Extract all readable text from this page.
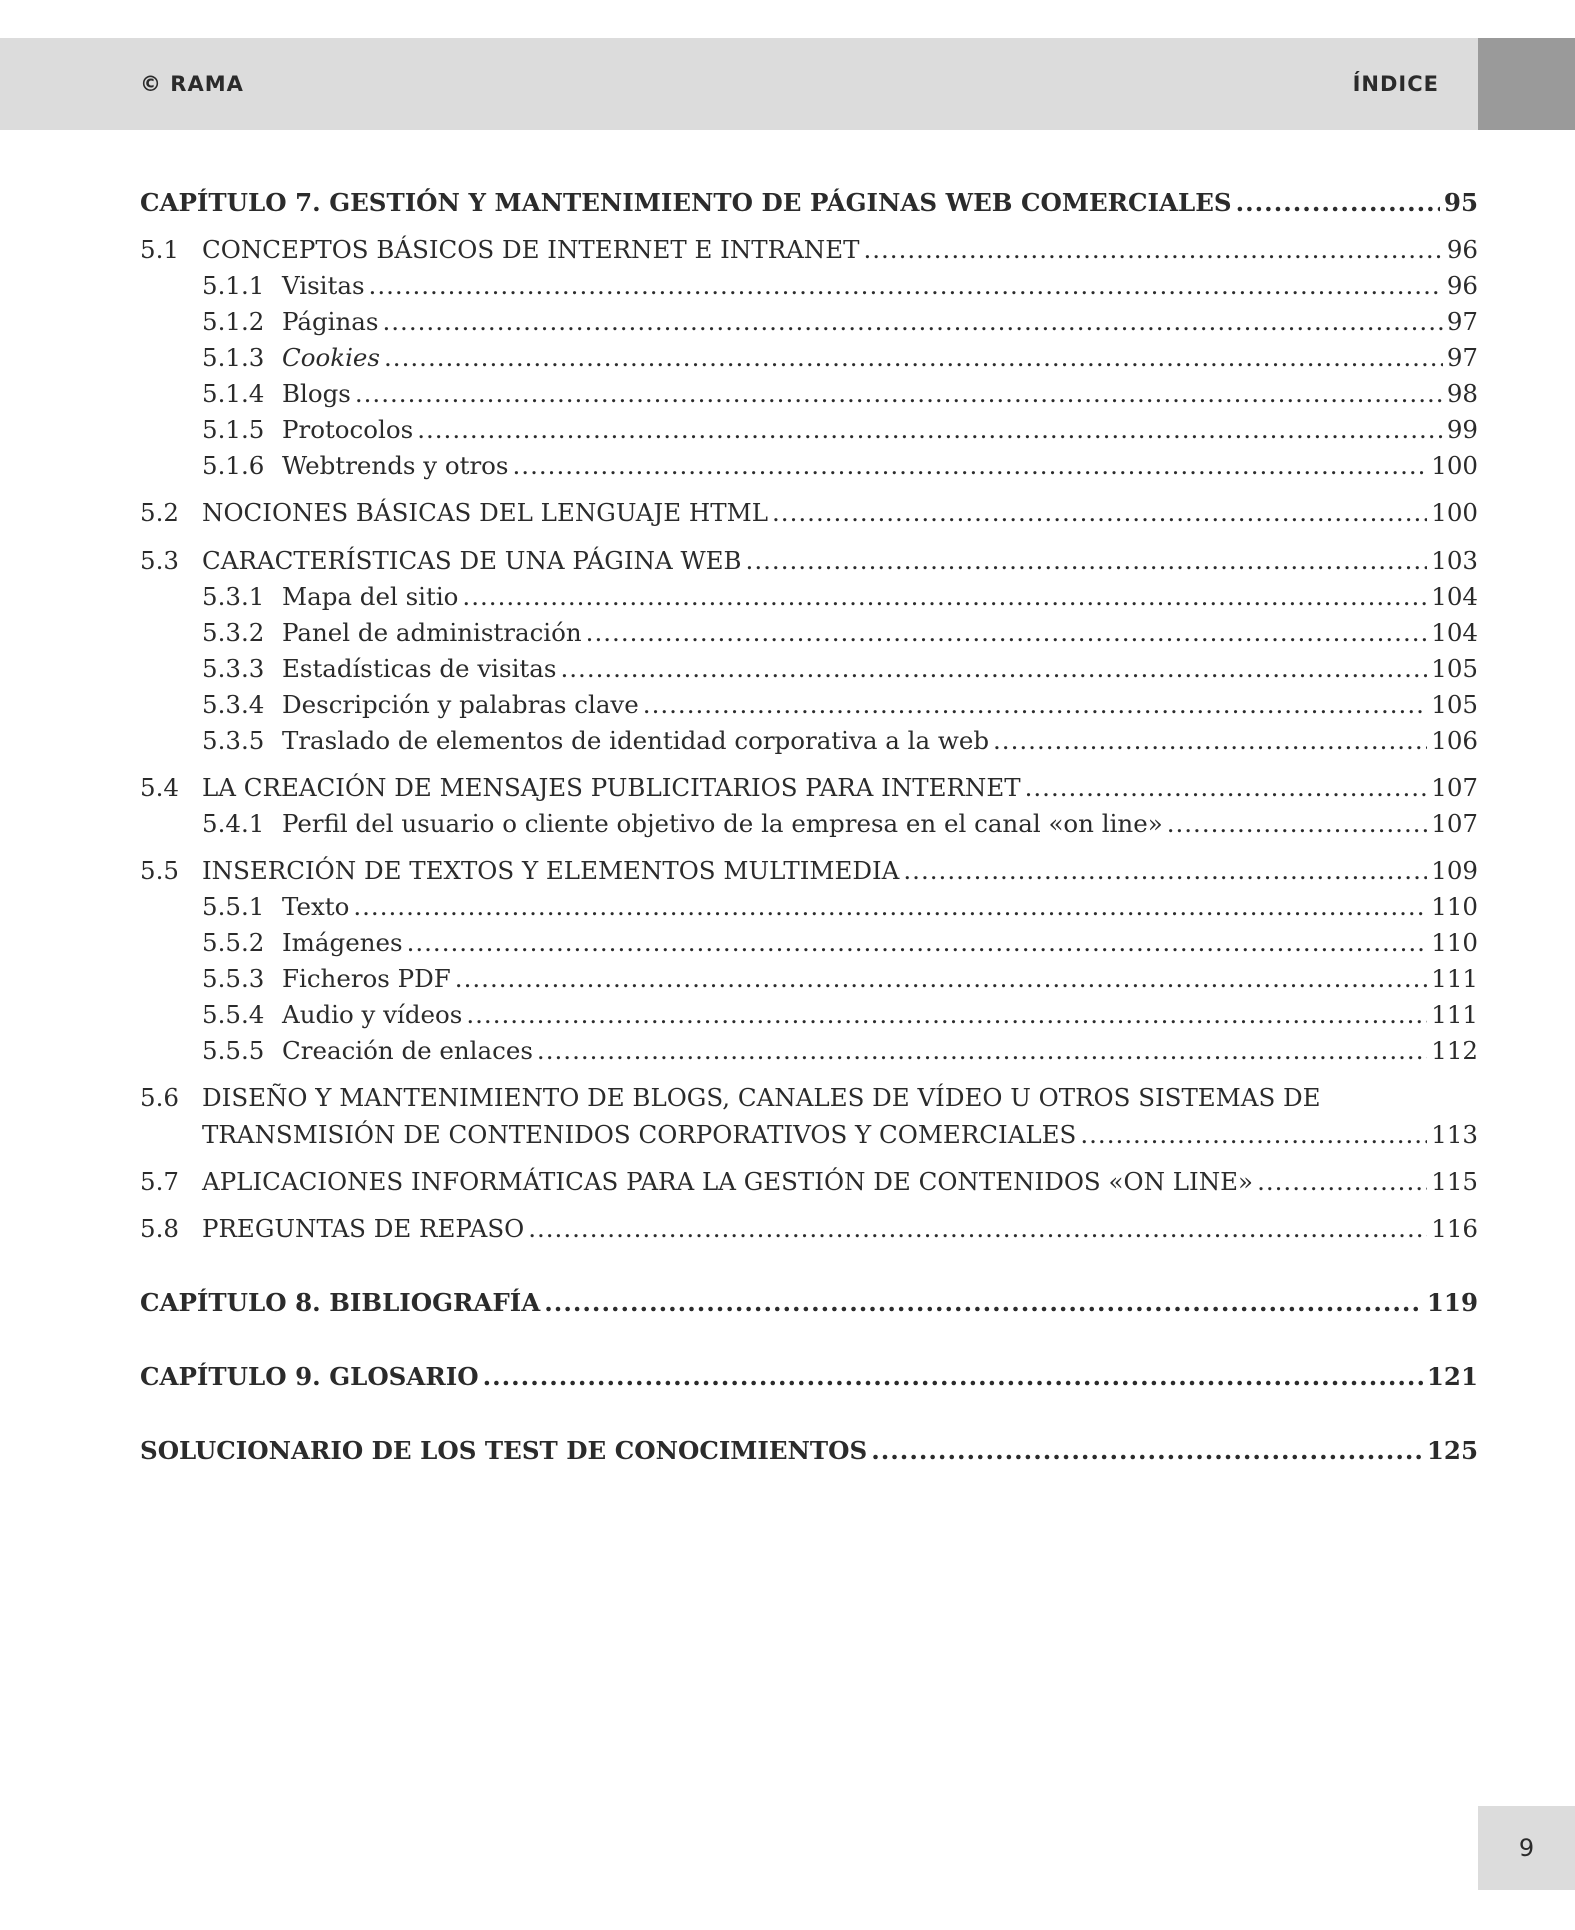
© RAMA	ÍNDICE
CAPÍTULO 7. GESTIÓN Y MANTENIMIENTO DE PÁGINAS WEB COMERCIALES .....	95
5.1 CONCEPTOS BÁSICOS DE INTERNET E INTRANET .....	96
5.1.1 Visitas .....	96
5.1.2 Páginas .....	97
5.1.3 Cookies .....	97
5.1.4 Blogs .....	98
5.1.5 Protocolos .....	99
5.1.6 Webtrends y otros .....	100
5.2 NOCIONES BÁSICAS DEL LENGUAJE HTML .....	100
5.3 CARACTERÍSTICAS DE UNA PÁGINA WEB .....	103
5.3.1 Mapa del sitio .....	104
5.3.2 Panel de administración .....	104
5.3.3 Estadísticas de visitas .....	105
5.3.4 Descripción y palabras clave .....	105
5.3.5 Traslado de elementos de identidad corporativa a la web .....	106
5.4 LA CREACIÓN DE MENSAJES PUBLICITARIOS PARA INTERNET .....	107
5.4.1 Perfil del usuario o cliente objetivo de la empresa en el canal «on line» .....	107
5.5 INSERCIÓN DE TEXTOS Y ELEMENTOS MULTIMEDIA .....	109
5.5.1 Texto .....	110
5.5.2 Imágenes .....	110
5.5.3 Ficheros PDF .....	111
5.5.4 Audio y vídeos .....	111
5.5.5 Creación de enlaces .....	112
5.6 DISEÑO Y MANTENIMIENTO DE BLOGS, CANALES DE VÍDEO U OTROS SISTEMAS DE
TRANSMISIÓN DE CONTENIDOS CORPORATIVOS Y COMERCIALES .....	113
5.7 APLICACIONES INFORMÁTICAS PARA LA GESTIÓN DE CONTENIDOS «ON LINE» .....	115
5.8 PREGUNTAS DE REPASO .....	116
CAPÍTULO 8. BIBLIOGRAFÍA .....	119
CAPÍTULO 9. GLOSARIO .....	121
SOLUCIONARIO DE LOS TEST DE CONOCIMIENTOS .....	125
9
